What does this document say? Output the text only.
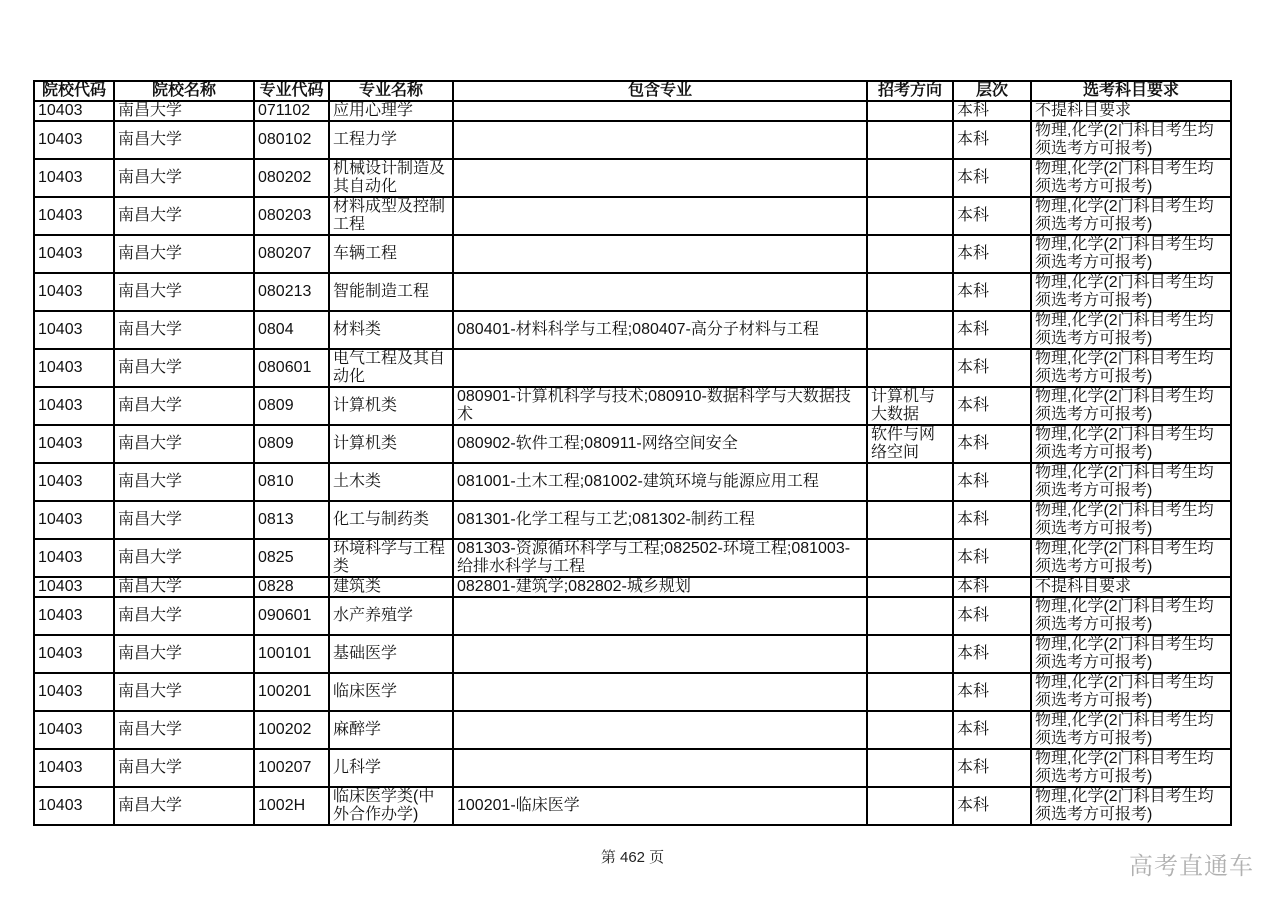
院校代码	院校名称	专业代码	专业名称	包含专业	招考方向	层次	选考科目要求
10403	南昌大学	071102	应用心理学			本科	不提科目要求
10403	南昌大学	080102	工程力学			本科	物理,化学(2门科目考生均须选考方可报考)
10403	南昌大学	080202	机械设计制造及其自动化			本科	物理,化学(2门科目考生均须选考方可报考)
10403	南昌大学	080203	材料成型及控制工程			本科	物理,化学(2门科目考生均须选考方可报考)
10403	南昌大学	080207	车辆工程			本科	物理,化学(2门科目考生均须选考方可报考)
10403	南昌大学	080213	智能制造工程			本科	物理,化学(2门科目考生均须选考方可报考)
10403	南昌大学	0804	材料类	080401-材料科学与工程;080407-高分子材料与工程		本科	物理,化学(2门科目考生均须选考方可报考)
10403	南昌大学	080601	电气工程及其自动化			本科	物理,化学(2门科目考生均须选考方可报考)
10403	南昌大学	0809	计算机类	080901-计算机科学与技术;080910-数据科学与大数据技术	计算机与大数据	本科	物理,化学(2门科目考生均须选考方可报考)
10403	南昌大学	0809	计算机类	080902-软件工程;080911-网络空间安全	软件与网络空间	本科	物理,化学(2门科目考生均须选考方可报考)
10403	南昌大学	0810	土木类	081001-土木工程;081002-建筑环境与能源应用工程		本科	物理,化学(2门科目考生均须选考方可报考)
10403	南昌大学	0813	化工与制药类	081301-化学工程与工艺;081302-制药工程		本科	物理,化学(2门科目考生均须选考方可报考)
10403	南昌大学	0825	环境科学与工程类	081303-资源循环科学与工程;082502-环境工程;081003-给排水科学与工程		本科	物理,化学(2门科目考生均须选考方可报考)
10403	南昌大学	0828	建筑类	082801-建筑学;082802-城乡规划		本科	不提科目要求
10403	南昌大学	090601	水产养殖学			本科	物理,化学(2门科目考生均须选考方可报考)
10403	南昌大学	100101	基础医学			本科	物理,化学(2门科目考生均须选考方可报考)
10403	南昌大学	100201	临床医学			本科	物理,化学(2门科目考生均须选考方可报考)
10403	南昌大学	100202	麻醉学			本科	物理,化学(2门科目考生均须选考方可报考)
10403	南昌大学	100207	儿科学			本科	物理,化学(2门科目考生均须选考方可报考)
10403	南昌大学	1002H	临床医学类(中外合作办学)	100201-临床医学		本科	物理,化学(2门科目考生均须选考方可报考)
第 462 页	高考直通车
